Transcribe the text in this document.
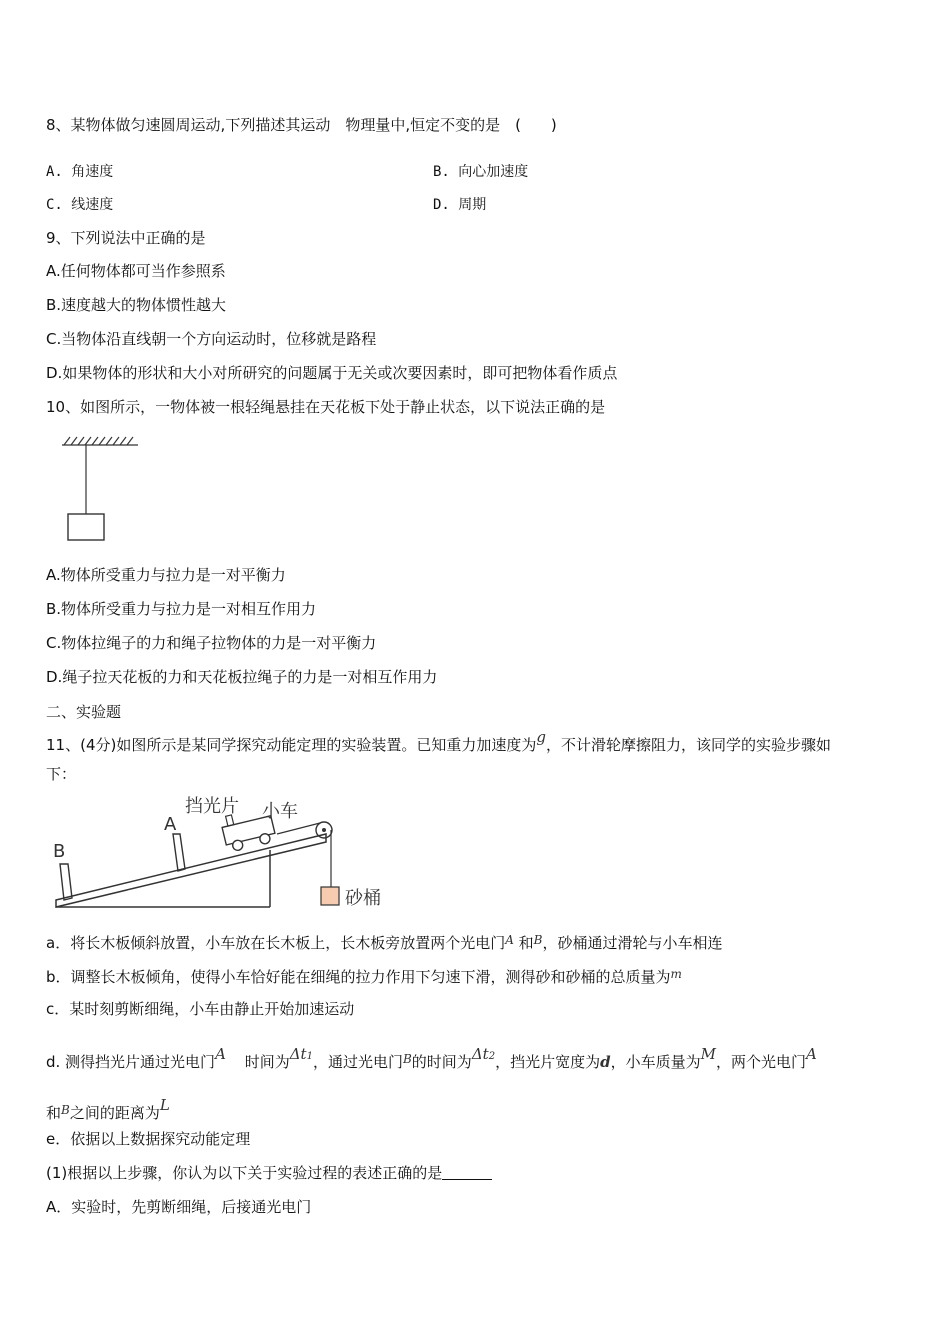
8、某物体做匀速圆周运动,下列描述其运动　物理量中,恒定不变的是　(　　)
A. 角速度	B. 向心加速度
C. 线速度	D. 周期
9、下列说法中正确的是
A.任何物体都可当作参照系
B.速度越大的物体惯性越大
C.当物体沿直线朝一个方向运动时，位移就是路程
D.如果物体的形状和大小对所研究的问题属于无关或次要因素时，即可把物体看作质点
10、如图所示，一物体被一根轻绳悬挂在天花板下处于静止状态，以下说法正确的是
A.物体所受重力与拉力是一对平衡力
B.物体所受重力与拉力是一对相互作用力
C.物体拉绳子的力和绳子拉物体的力是一对平衡力
D.绳子拉天花板的力和天花板拉绳子的力是一对相互作用力
二、实验题
11、(4分)如图所示是某同学探究动能定理的实验装置。已知重力加速度为g，不计滑轮摩擦阻力，该同学的实验步骤如
下：
B
A
挡光片 小车
砂桶
a．将长木板倾斜放置，小车放在长木板上，长木板旁放置两个光电门$^A$ 和$^B$，砂桶通过滑轮与小车相连
b．调整长木板倾角，使得小车恰好能在细绳的拉力作用下匀速下滑，测得砂和砂桶的总质量为$^m$
c．某时刻剪断细绳，小车由静止开始加速运动
d. 测得挡光片通过光电门A 时间为Δt1，通过光电门$^B$的时间为Δt2，挡光片宽度为d，小车质量为M，两个光电门A
和$^B$之间的距离为L
e．依据以上数据探究动能定理
(1)根据以上步骤，你认为以下关于实验过程的表述正确的是
A．实验时，先剪断细绳，后接通光电门
